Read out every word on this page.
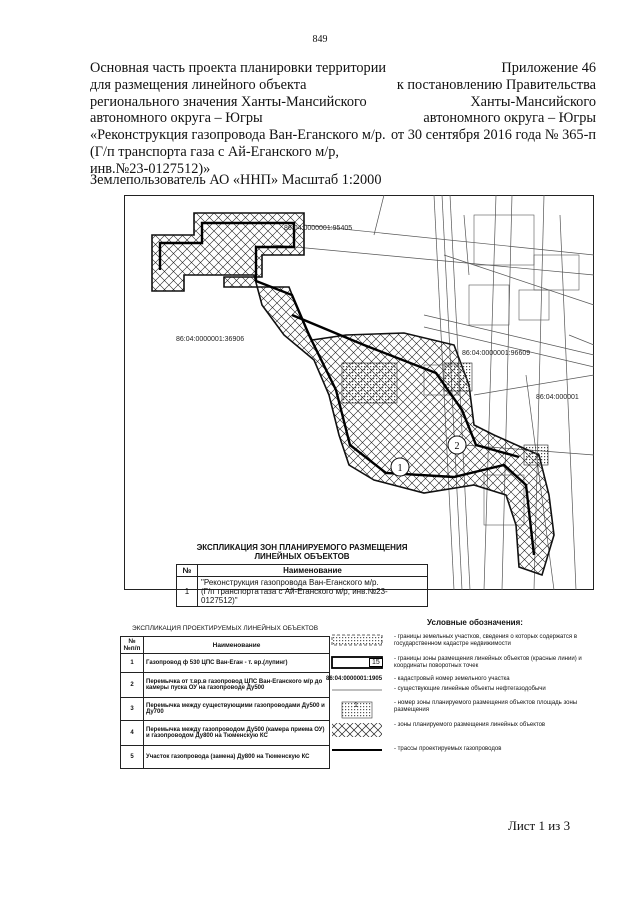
849
Основная часть проекта планировки территории
для размещения линейного объекта
регионального значения Ханты-Мансийского
автономного округа – Югры
«Реконструкция газопровода Ван-Еганского м/р.
(Г/п транспорта газа с Ай-Еганского м/р,
инв.№23-0127512)»
Приложение 46
к постановлению Правительства
Ханты-Мансийского
автономного округа – Югры
от 30 сентября 2016 года № 365-п
Землепользователь АО «ННП» Масштаб 1:2000
86:04:0000001:95405
86:04:0000001:36906
86:04:0000001:96609
86:04:000001
1
2
ЭКСПЛИКАЦИЯ ЗОН ПЛАНИРУЕМОГО РАЗМЕЩЕНИЯ ЛИНЕЙНЫХ ОБЪЕКТОВ
№	Наименование
1	"Реконструкция газопровода Ван-Еганского м/р.
(Г/п транспорта газа с Ай-Еганского м/р, инв.№23-0127512)"
ЭКСПЛИКАЦИЯ ПРОЕКТИРУЕМЫХ ЛИНЕЙНЫХ ОБЪЕКТОВ
№№п/п	Наименование
1	Газопровод ф 530 ЦПС Ван-Еган - т. вр.(лупинг)
2	Перемычка от т.вр.в газопровод ЦПС Ван-Еганского м/р до камеры пуска ОУ на газопроводе Ду500
3	Перемычка между существующими газопроводами Ду500 и Ду700
4	Перемычка между газопроводом Ду500 (камера приема ОУ) и газопроводом Ду800 на Тюменскую КС
5	Участок газопровода (замена) Ду800 на Тюменскую КС
Условные обозначения:
- границы земельных участков, сведения о которых содержатся в государственном кадастре недвижимости
15	- границы зоны размещения линейных объектов (красные линии) и координаты поворотных точек
86:04:0000001:1905 - кадастровый номер земельного участка
- существующие линейные объекты нефтегазодобычи
1	- номер зоны планируемого размещения объектов площадь зоны размещения
- зоны планируемого размещения линейных объектов
- трассы проектируемых газопроводов
Лист 1 из 3
